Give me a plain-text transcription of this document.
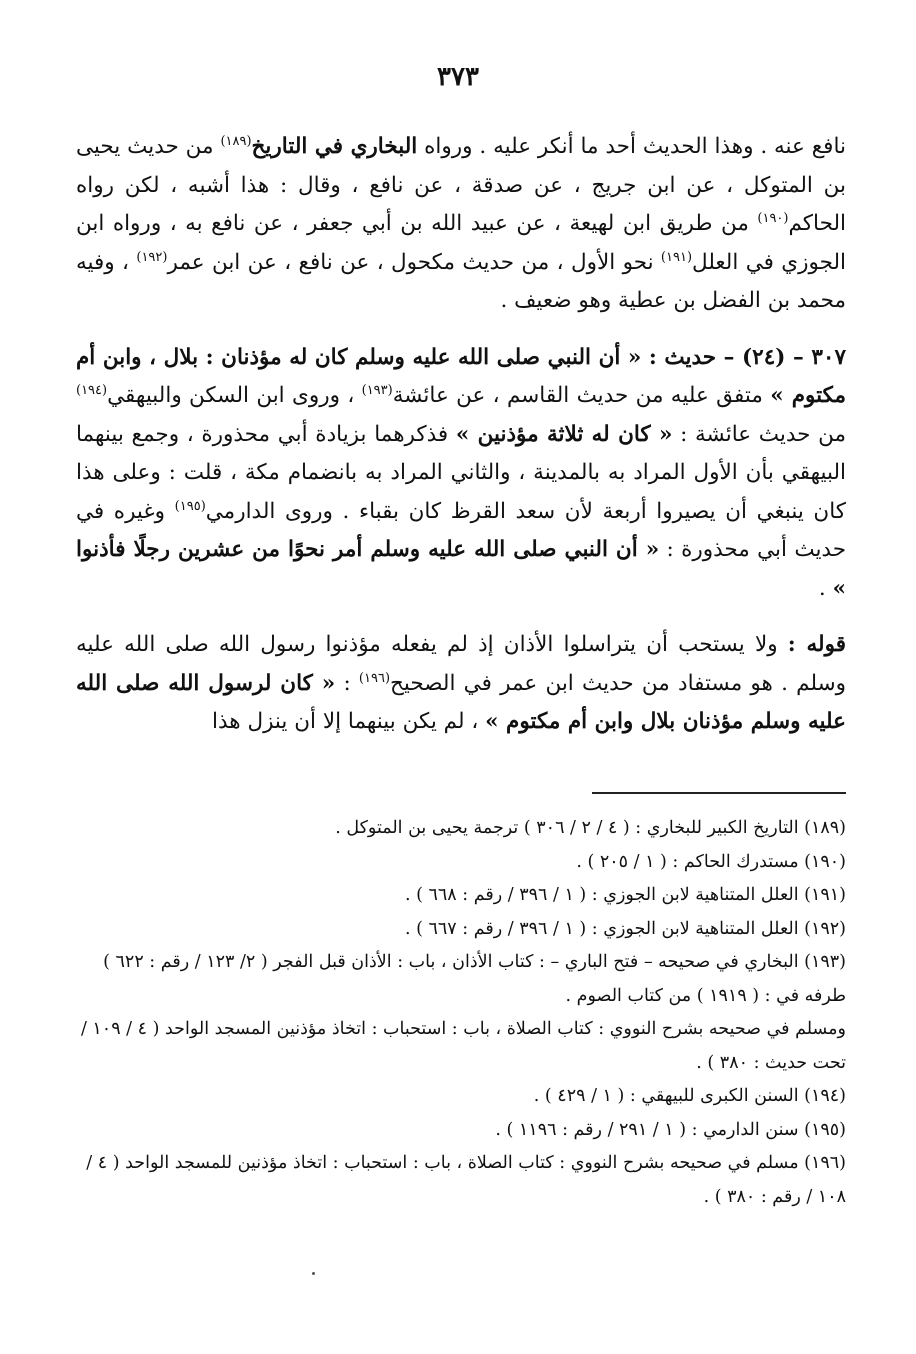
٣٧٣

نافع عنه . وهذا الحديث أحد ما أنكر عليه . ورواه البخاري في التاريخ$^{(١٨٩)}$ من حديث يحيى بن المتوكل ، عن ابن جريج ، عن صدقة ، عن نافع ، وقال : هذا أشبه ، لكن رواه الحاكم$^{(١٩٠)}$ من طريق ابن لهيعة ، عن عبيد الله بن أبي جعفر ، عن نافع به ، ورواه ابن الجوزي في العلل$^{(١٩١)}$ نحو الأول ، من حديث مكحول ، عن نافع ، عن ابن عمر$^{(١٩٢)}$ ، وفيه محمد بن الفضل بن عطية وهو ضعيف .

٣٠٧ – (٢٤) – حديث : « أن النبي صلى الله عليه وسلم كان له مؤذنان : بلال ، وابن أم مكتوم » متفق عليه من حديث القاسم ، عن عائشة$^{(١٩٣)}$ ، وروى ابن السكن والبيهقي$^{(١٩٤)}$ من حديث عائشة : « كان له ثلاثة مؤذنين » فذكرهما بزيادة أبي محذورة ، وجمع بينهما البيهقي بأن الأول المراد به بالمدينة ، والثاني المراد به بانضمام مكة ، قلت : وعلى هذا كان ينبغي أن يصيروا أربعة لأن سعد القرظ كان بقباء . وروى الدارمي$^{(١٩٥)}$ وغيره في حديث أبي محذورة : « أن النبي صلى الله عليه وسلم أمر نحوًا من عشرين رجلًا فأذنوا » .

قوله : ولا يستحب أن يتراسلوا الأذان إذ لم يفعله مؤذنوا رسول الله صلى الله عليه وسلم . هو مستفاد من حديث ابن عمر في الصحيح$^{(١٩٦)}$ : « كان لرسول الله صلى الله عليه وسلم مؤذنان بلال وابن أم مكتوم » ، لم يكن بينهما إلا أن ينزل هذا

(١٨٩) التاريخ الكبير للبخاري : ( ٤ / ٢ / ٣٠٦ ) ترجمة يحيى بن المتوكل .

(١٩٠) مستدرك الحاكم : ( ١ / ٢٠٥ ) .

(١٩١) العلل المتناهية لابن الجوزي : ( ١ / ٣٩٦ / رقم : ٦٦٨ ) .

(١٩٢) العلل المتناهية لابن الجوزي : ( ١ / ٣٩٦ / رقم : ٦٦٧ ) .

(١٩٣) البخاري في صحيحه – فتح الباري – : كتاب الأذان ، باب : الأذان قبل الفجر ( ٢/ ١٢٣ / رقم : ٦٢٢ ) طرفه في : ( ١٩١٩ ) من كتاب الصوم .

ومسلم في صحيحه بشرح النووي : كتاب الصلاة ، باب : استحباب : اتخاذ مؤذنين المسجد الواحد ( ٤ / ١٠٩ / تحت حديث : ٣٨٠ ) .

(١٩٤) السنن الكبرى للبيهقي : ( ١ / ٤٢٩ ) .

(١٩٥) سنن الدارمي : ( ١ / ٢٩١ / رقم : ١١٩٦ ) .

(١٩٦) مسلم في صحيحه بشرح النووي : كتاب الصلاة ، باب : استحباب : اتخاذ مؤذنين للمسجد الواحد ( ٤ / ١٠٨ / رقم : ٣٨٠ ) .
